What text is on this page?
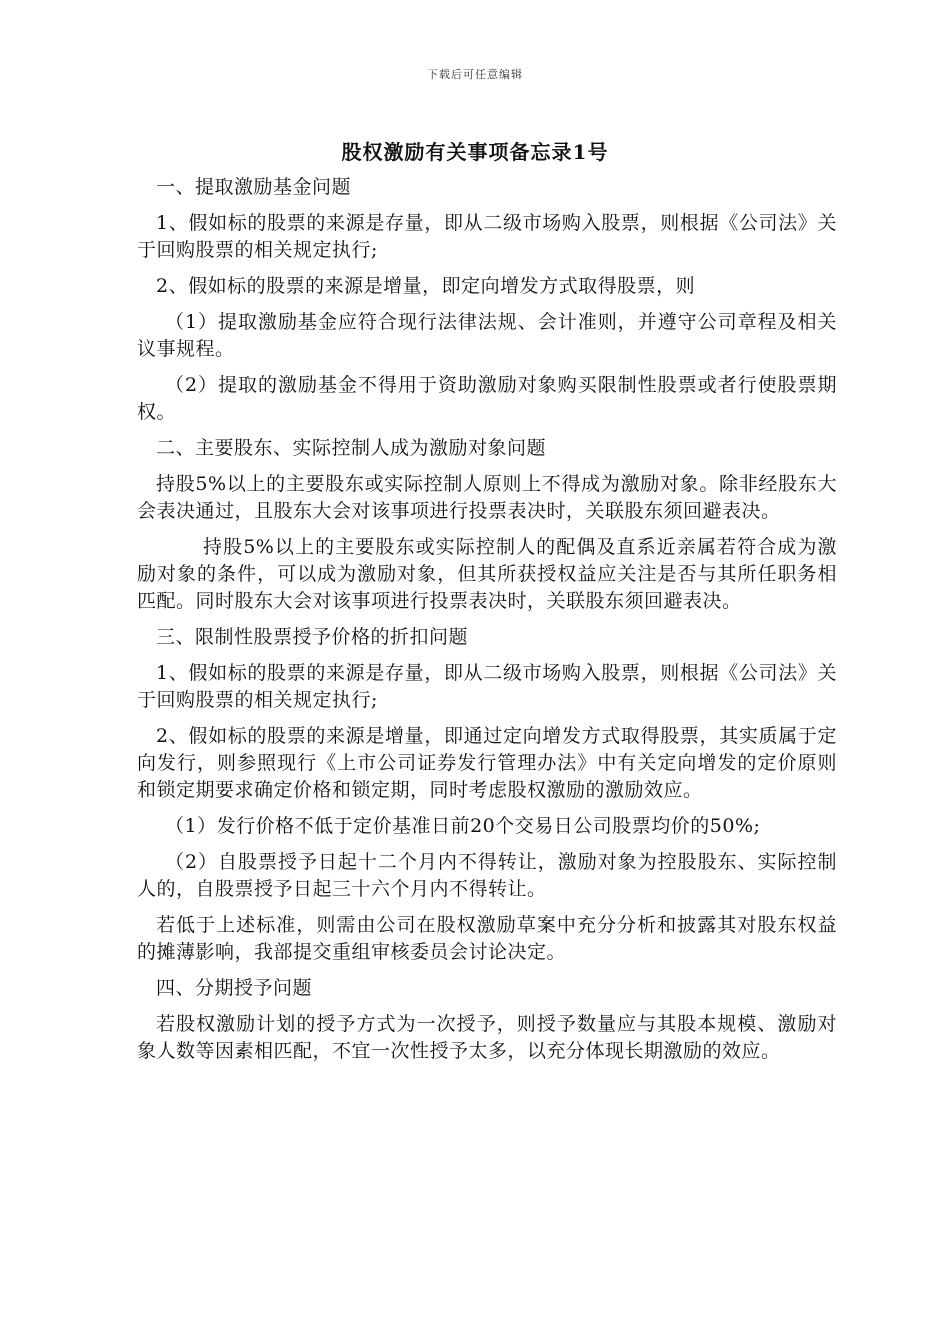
下载后可任意编辑
股权激励有关事项备忘录1号

一、提取激励基金问题

1、假如标的股票的来源是存量，即从二级市场购入股票，则根据《公司法》关于回购股票的相关规定执行;

2、假如标的股票的来源是增量，即定向增发方式取得股票，则

（1）提取激励基金应符合现行法律法规、会计准则，并遵守公司章程及相关议事规程。

（2）提取的激励基金不得用于资助激励对象购买限制性股票或者行使股票期权。

二、主要股东、实际控制人成为激励对象问题

持股5%以上的主要股东或实际控制人原则上不得成为激励对象。除非经股东大会表决通过，且股东大会对该事项进行投票表决时，关联股东须回避表决。

持股5%以上的主要股东或实际控制人的配偶及直系近亲属若符合成为激励对象的条件，可以成为激励对象，但其所获授权益应关注是否与其所任职务相匹配。同时股东大会对该事项进行投票表决时，关联股东须回避表决。

三、限制性股票授予价格的折扣问题

1、假如标的股票的来源是存量，即从二级市场购入股票，则根据《公司法》关于回购股票的相关规定执行;

2、假如标的股票的来源是增量，即通过定向增发方式取得股票，其实质属于定向发行，则参照现行《上市公司证券发行管理办法》中有关定向增发的定价原则和锁定期要求确定价格和锁定期，同时考虑股权激励的激励效应。

（1）发行价格不低于定价基准日前20个交易日公司股票均价的50%;

（2）自股票授予日起十二个月内不得转让，激励对象为控股股东、实际控制人的，自股票授予日起三十六个月内不得转让。

若低于上述标准，则需由公司在股权激励草案中充分分析和披露其对股东权益的摊薄影响，我部提交重组审核委员会讨论决定。

四、分期授予问题

若股权激励计划的授予方式为一次授予，则授予数量应与其股本规模、激励对象人数等因素相匹配，不宜一次性授予太多，以充分体现长期激励的效应。
